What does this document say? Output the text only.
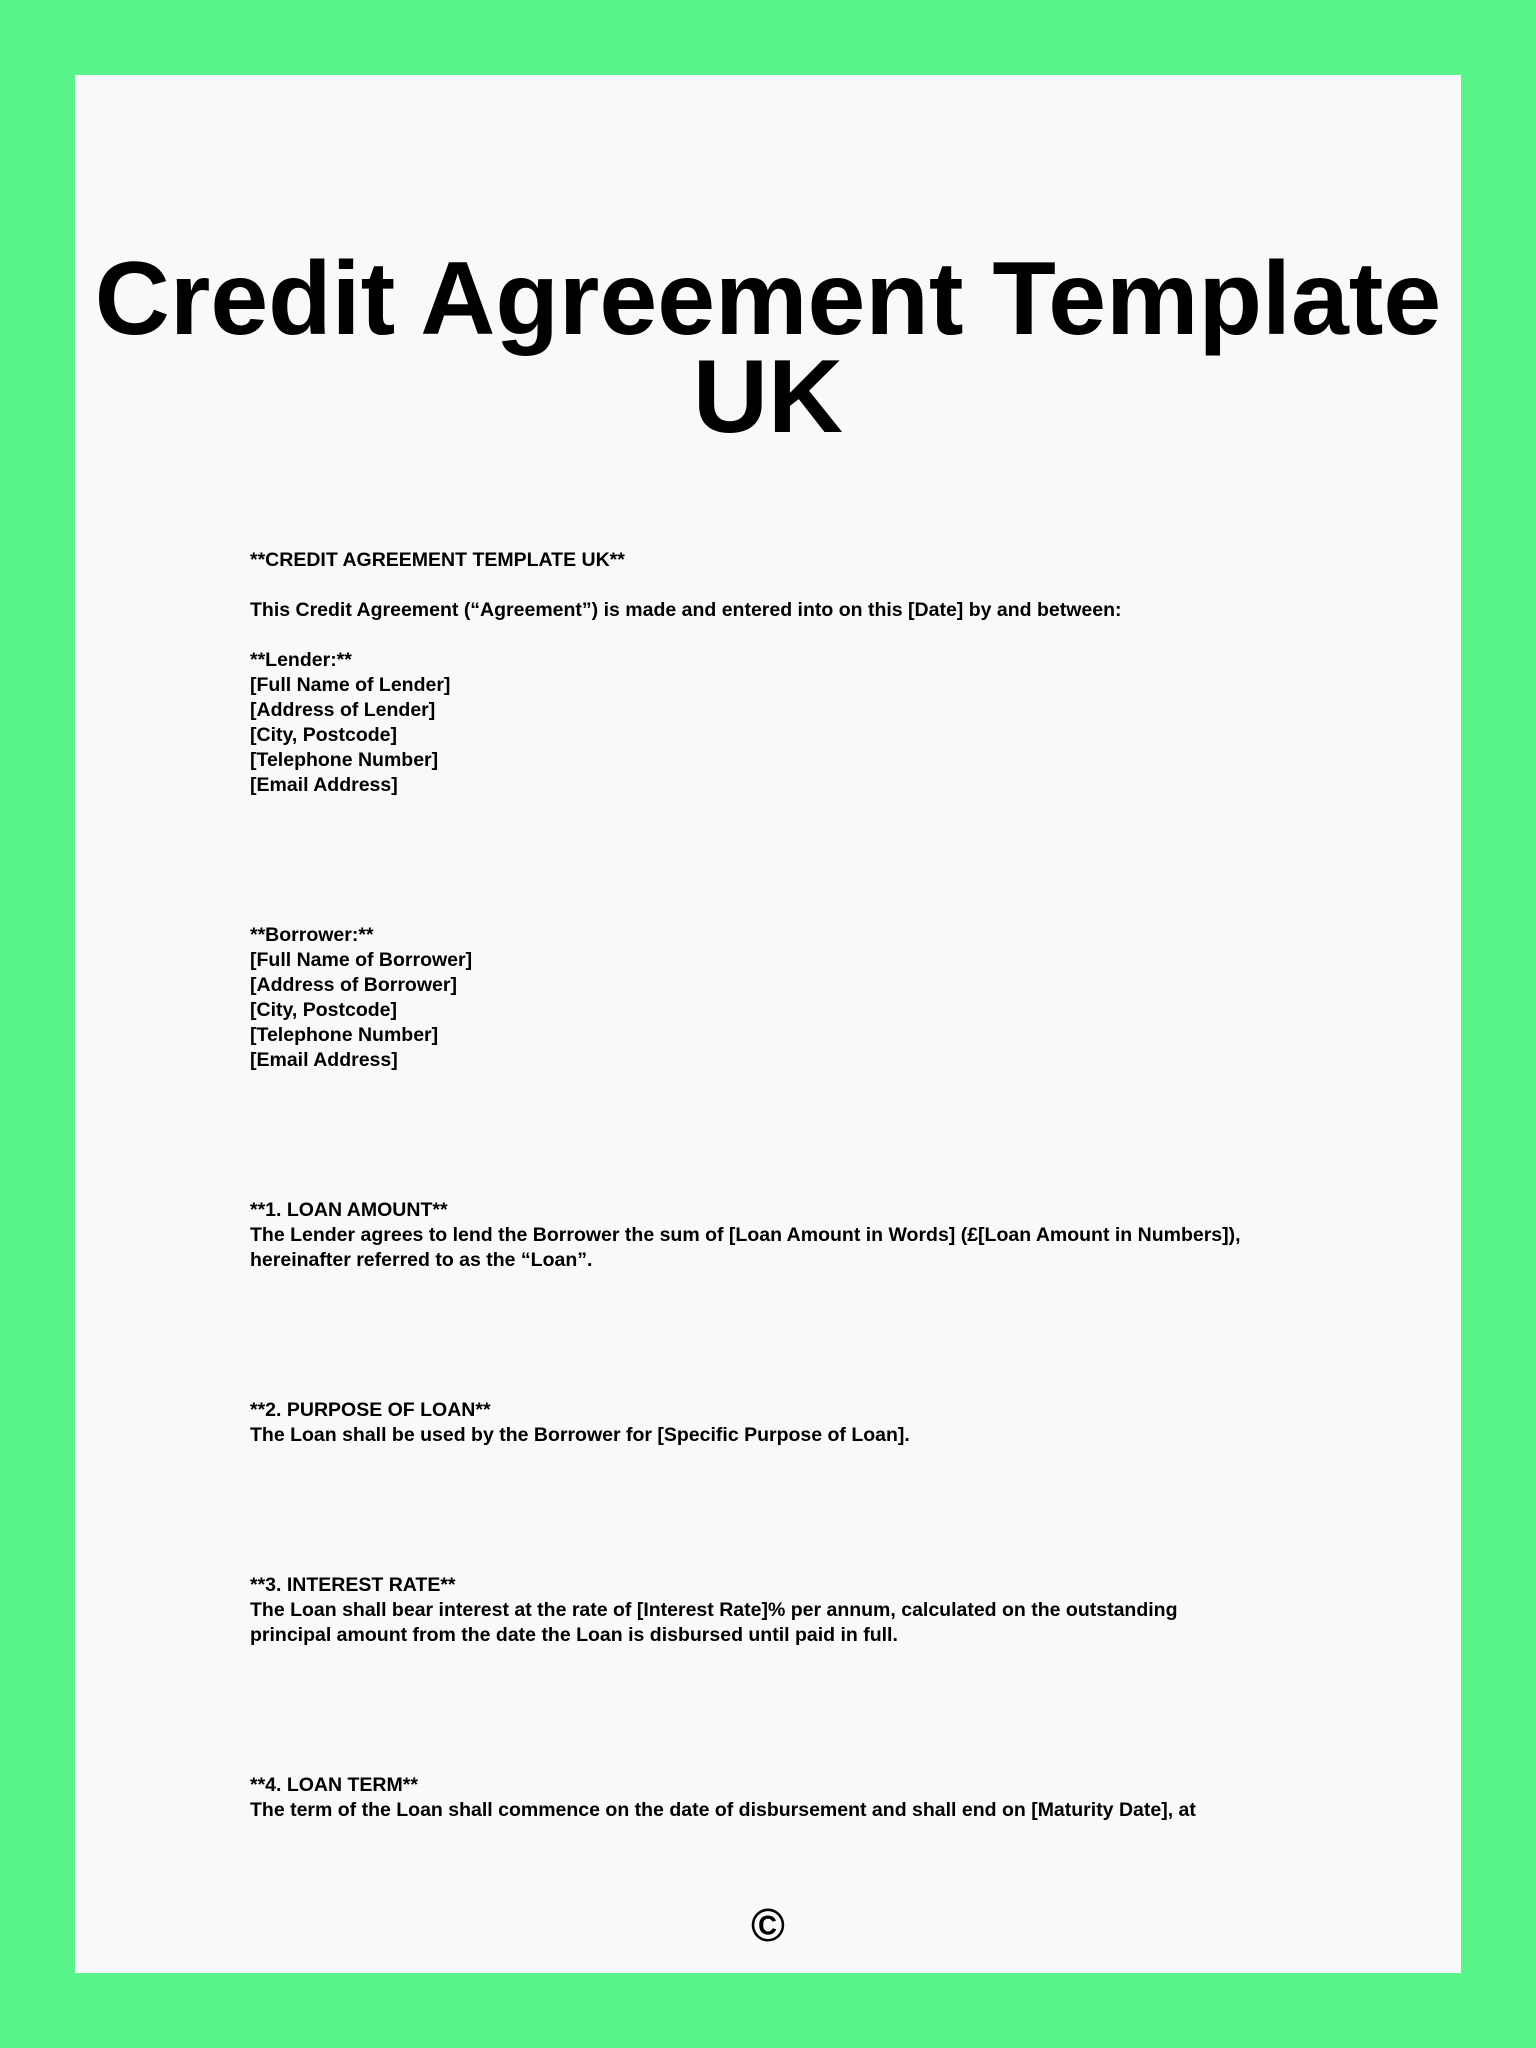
Credit Agreement Template
UK
**CREDIT AGREEMENT TEMPLATE UK**
This Credit Agreement (“Agreement”) is made and entered into on this [Date] by and between:
**Lender:**
[Full Name of Lender]
[Address of Lender]
[City, Postcode]
[Telephone Number]
[Email Address]
**Borrower:**
[Full Name of Borrower]
[Address of Borrower]
[City, Postcode]
[Telephone Number]
[Email Address]
**1. LOAN AMOUNT**
The Lender agrees to lend the Borrower the sum of [Loan Amount in Words] (£[Loan Amount in Numbers]),
hereinafter referred to as the “Loan”.
**2. PURPOSE OF LOAN**
The Loan shall be used by the Borrower for [Specific Purpose of Loan].
**3. INTEREST RATE**
The Loan shall bear interest at the rate of [Interest Rate]% per annum, calculated on the outstanding
principal amount from the date the Loan is disbursed until paid in full.
**4. LOAN TERM**
The term of the Loan shall commence on the date of disbursement and shall end on [Maturity Date], at
©
